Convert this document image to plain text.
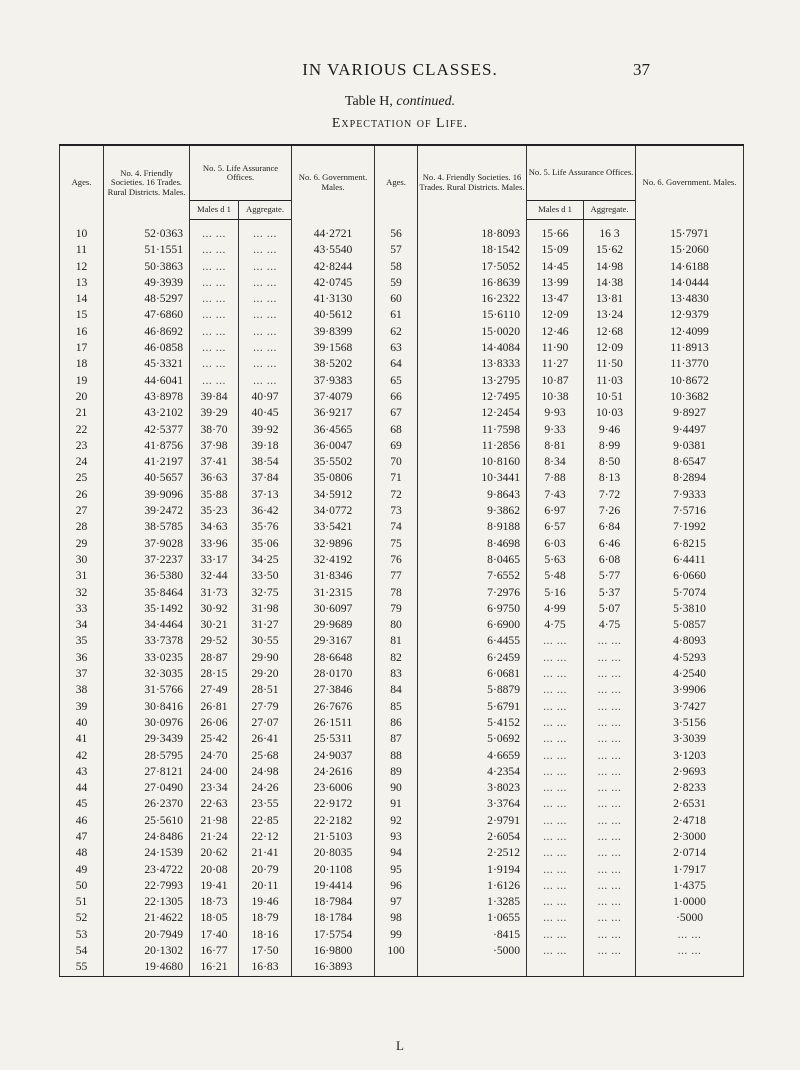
IN VARIOUS CLASSES.	37
Table H, continued.
Expectation of Life.
Ages.	No. 4. Friendly Societies. 16 Trades. Rural Districts. Males.	No. 5. Life Assurance Offices.		No. 6. Government. Males.	Ages.	No. 4. Friendly Societies. 16 Trades. Rural Districts. Males.	No. 5. Life Assurance Offices.		No. 6. Government. Males.
		Males d 1	Aggregate.				Males d 1	Aggregate.	
10	52·0363	... ...	... ...	44·2721	56	18·8093	15·66	16 3	15·7971
11	51·1551	... ...	... ...	43·5540	57	18·1542	15·09	15·62	15·2060
12	50·3863	... ...	... ...	42·8244	58	17·5052	14·45	14·98	14·6188
13	49·3939	... ...	... ...	42·0745	59	16·8639	13·99	14·38	14·0444
14	48·5297	... ...	... ...	41·3130	60	16·2322	13·47	13·81	13·4830
15	47·6860	... ...	... ...	40·5612	61	15·6110	12·09	13·24	12·9379
16	46·8692	... ...	... ...	39·8399	62	15·0020	12·46	12·68	12·4099
17	46·0858	... ...	... ...	39·1568	63	14·4084	11·90	12·09	11·8913
18	45·3321	... ...	... ...	38·5202	64	13·8333	11·27	11·50	11·3770
19	44·6041	... ...	... ...	37·9383	65	13·2795	10·87	11·03	10·8672
20	43·8978	39·84	40·97	37·4079	66	12·7495	10·38	10·51	10·3682
21	43·2102	39·29	40·45	36·9217	67	12·2454	9·93	10·03	9·8927
22	42·5377	38·70	39·92	36·4565	68	11·7598	9·33	9·46	9·4497
23	41·8756	37·98	39·18	36·0047	69	11·2856	8·81	8·99	9·0381
24	41·2197	37·41	38·54	35·5502	70	10·8160	8·34	8·50	8·6547
25	40·5657	36·63	37·84	35·0806	71	10·3441	7·88	8·13	8·2894
26	39·9096	35·88	37·13	34·5912	72	9·8643	7·43	7·72	7·9333
27	39·2472	35·23	36·42	34·0772	73	9·3862	6·97	7·26	7·5716
28	38·5785	34·63	35·76	33·5421	74	8·9188	6·57	6·84	7·1992
29	37·9028	33·96	35·06	32·9896	75	8·4698	6·03	6·46	6·8215
30	37·2237	33·17	34·25	32·4192	76	8·0465	5·63	6·08	6·4411
31	36·5380	32·44	33·50	31·8346	77	7·6552	5·48	5·77	6·0660
32	35·8464	31·73	32·75	31·2315	78	7·2976	5·16	5·37	5·7074
33	35·1492	30·92	31·98	30·6097	79	6·9750	4·99	5·07	5·3810
34	34·4464	30·21	31·27	29·9689	80	6·6900	4·75	4·75	5·0857
35	33·7378	29·52	30·55	29·3167	81	6·4455	... ...	... ...	4·8093
36	33·0235	28·87	29·90	28·6648	82	6·2459	... ...	... ...	4·5293
37	32·3035	28·15	29·20	28·0170	83	6·0681	... ...	... ...	4·2540
38	31·5766	27·49	28·51	27·3846	84	5·8879	... ...	... ...	3·9906
39	30·8416	26·81	27·79	26·7676	85	5·6791	... ...	... ...	3·7427
40	30·0976	26·06	27·07	26·1511	86	5·4152	... ...	... ...	3·5156
41	29·3439	25·42	26·41	25·5311	87	5·0692	... ...	... ...	3·3039
42	28·5795	24·70	25·68	24·9037	88	4·6659	... ...	... ...	3·1203
43	27·8121	24·00	24·98	24·2616	89	4·2354	... ...	... ...	2·9693
44	27·0490	23·34	24·26	23·6006	90	3·8023	... ...	... ...	2·8233
45	26·2370	22·63	23·55	22·9172	91	3·3764	... ...	... ...	2·6531
46	25·5610	21·98	22·85	22·2182	92	2·9791	... ...	... ...	2·4718
47	24·8486	21·24	22·12	21·5103	93	2·6054	... ...	... ...	2·3000
48	24·1539	20·62	21·41	20·8035	94	2·2512	... ...	... ...	2·0714
49	23·4722	20·08	20·79	20·1108	95	1·9194	... ...	... ...	1·7917
50	22·7993	19·41	20·11	19·4414	96	1·6126	... ...	... ...	1·4375
51	22·1305	18·73	19·46	18·7984	97	1·3285	... ...	... ...	1·0000
52	21·4622	18·05	18·79	18·1784	98	1·0655	... ...	... ...	·5000
53	20·7949	17·40	18·16	17·5754	99	·8415	... ...	... ...	... ...
54	20·1302	16·77	17·50	16·9800	100	·5000	... ...	... ...	... ...
55	19·4680	16·21	16·83	16·3893					
L
